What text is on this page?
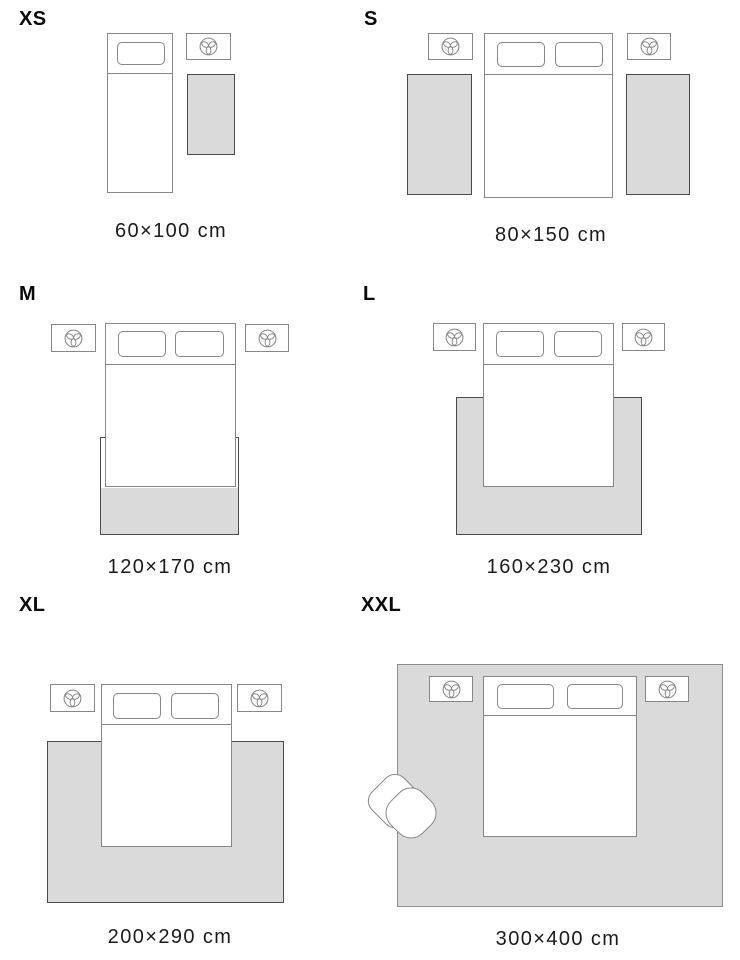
XS
60×100 cm
S
80×150 cm
M
120×170 cm
L
160×230 cm
XL
200×290 cm
XXL
300×400 cm
